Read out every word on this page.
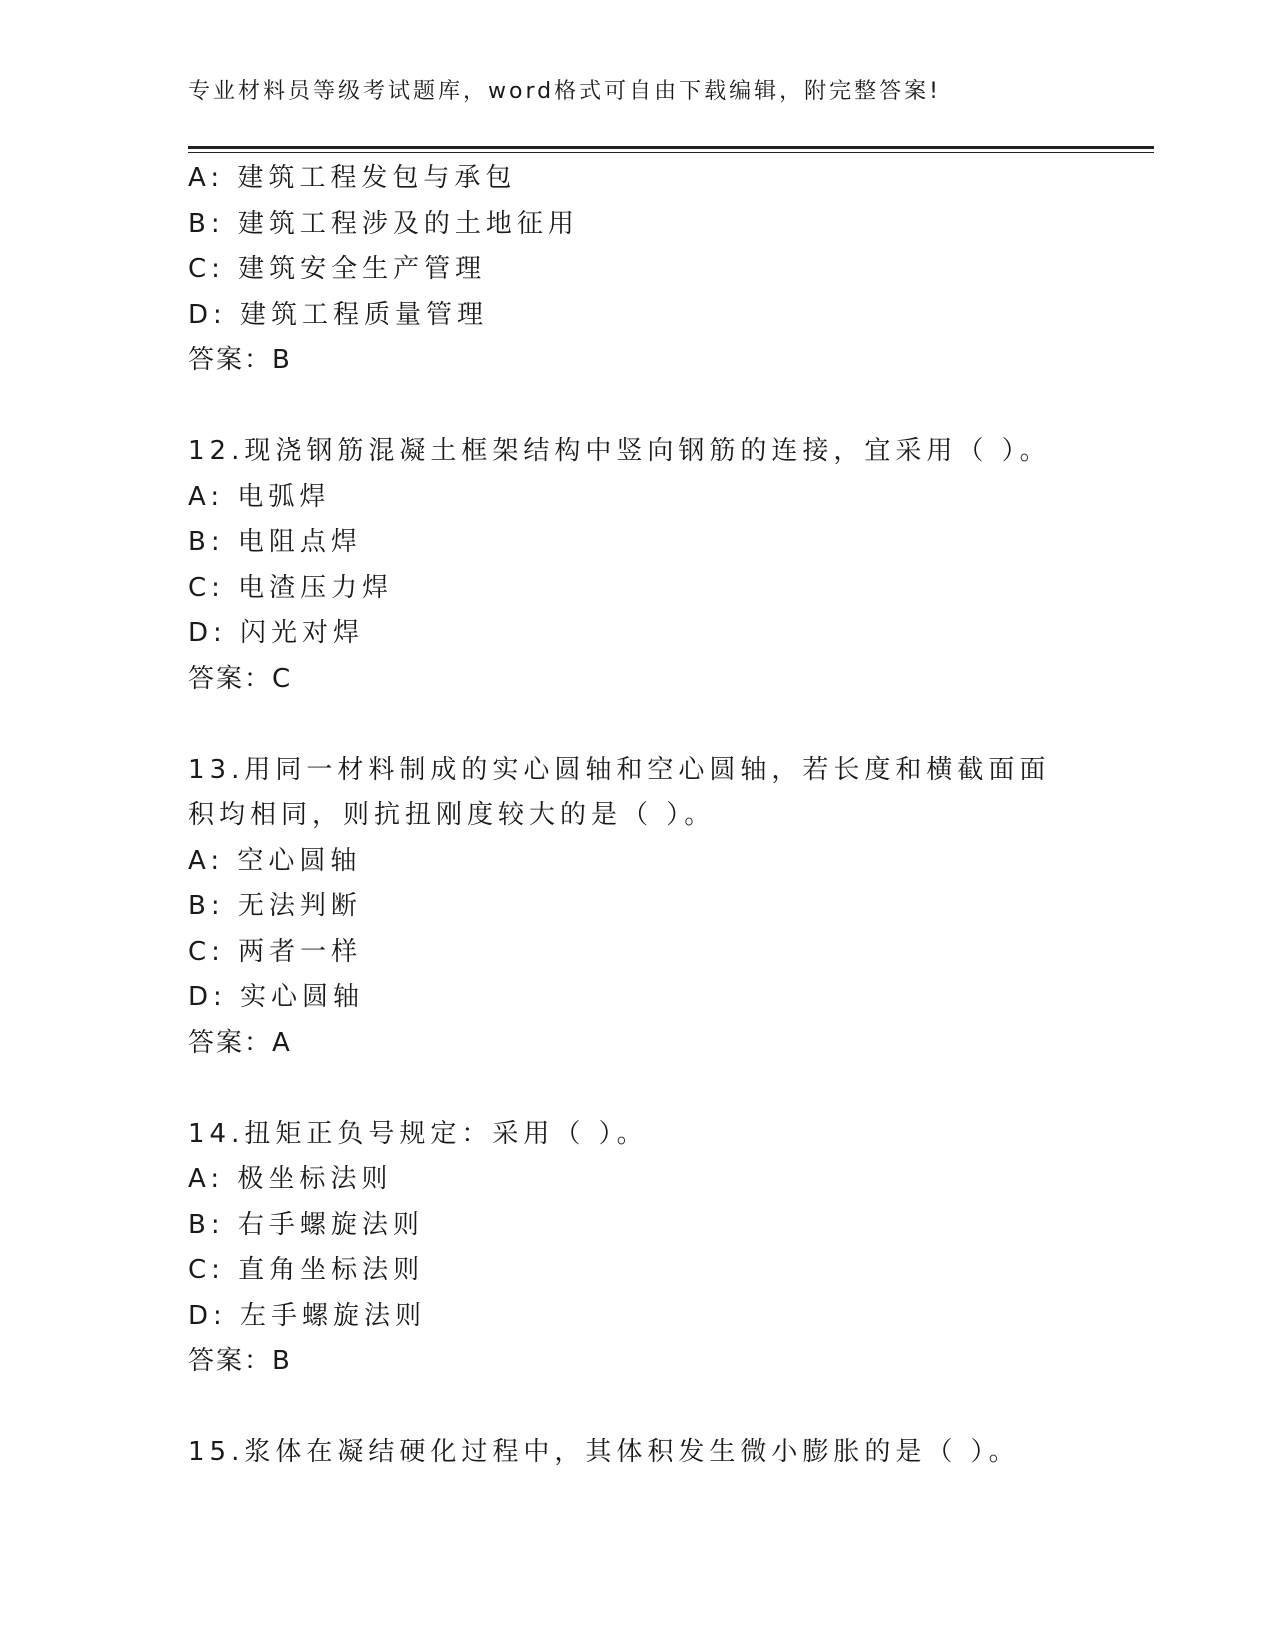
专业材料员等级考试题库，word格式可自由下载编辑，附完整答案!
A: 建筑工程发包与承包
B: 建筑工程涉及的土地征用
C: 建筑安全生产管理
D: 建筑工程质量管理
答案：B
12.现浇钢筋混凝土框架结构中竖向钢筋的连接，宜采用（ ）。
A: 电弧焊
B: 电阻点焊
C: 电渣压力焊
D: 闪光对焊
答案：C
13.用同一材料制成的实心圆轴和空心圆轴，若长度和横截面面积均相同，则抗扭刚度较大的是（ ）。
A: 空心圆轴
B: 无法判断
C: 两者一样
D: 实心圆轴
答案：A
14.扭矩正负号规定：采用（ ）。
A: 极坐标法则
B: 右手螺旋法则
C: 直角坐标法则
D: 左手螺旋法则
答案：B
15.浆体在凝结硬化过程中，其体积发生微小膨胀的是（ ）。
